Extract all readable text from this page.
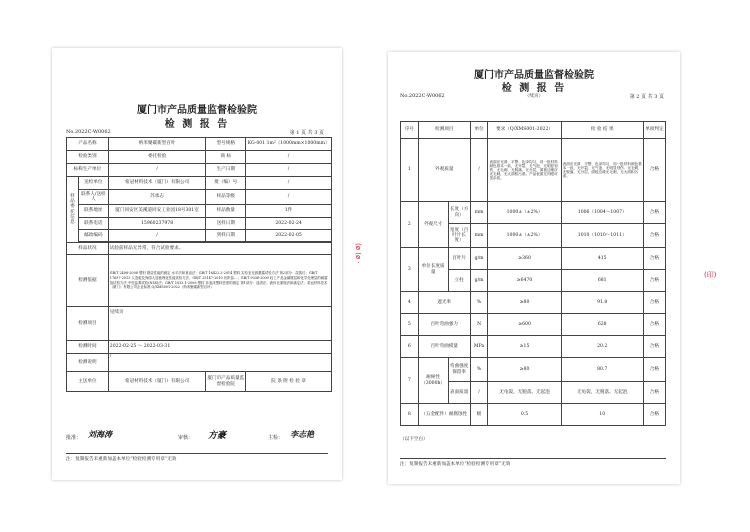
厦门市产品质量监督检验院
检 测 报 告
No.2022C-W0062	第 1 页 共 3 页
产品名称		纳米聚碳新型百叶	型号规格	KG-001 1m²（1000mm×1000mm）
检验类别		委托检验	商 标	/
标称生产单位		/	生产日期	/
样品委托信息	送检单位	希冠材料技术（厦门）有限公司	批（编）号	/
	联系人/送样人	苏承志	样品等级	/
	联系地址	厦门同安区美溪道同安工业园18号301室	样品数量	1件
	联系电话	15960237978	送样日期	2022-02-24
	邮政编码	/	到样日期	2022-02-05

样品状况		试验前样品无异常，符合试验要求。		
检测依据		GB/T 2408-2008 塑料 燃烧性能的测定 水平法和垂直法；GB/T 16422.2-2014 塑料 实验室光源暴露试验方法 第2部分：氙弧灯；GB/T 17657-2013 人造板及饰面人造板理化性能试验方法；GB/T 25147-2010 纺织品…；GB/T 9036-2009 轻工产品金属镀层和化学处理层的耐腐蚀试验方法 中性盐雾试验(NSS)法；GB/T 1033.1-2008 塑料 非泡沫塑料密度的测定 第1部分：浸渍法、液体比重瓶法和滴定法；希冠材料技术（厦门）有限公司企业标准 Q/XMS001-2022（纳米聚碳新型百叶）		
检测项目		见续页		
检测时间		2022-02-25 ～ 2022-03-31		
检测说明		/		
主送单位		希冠材料技术（厦门）有限公司	厦门市产品质量监督检验院	院 条 附 检 验 章
批准： 刘海涛	审核： 方豪	主检： 李志艳
注：复制报告未重新加盖本单位“检验检测专用章”无效
厦门市产品质量监督检验院
检 测 报 告
（续页）
No.2022C-W0062	第 2 页 共 3 页
序号	检测项目		单位	要求（Q/XMS001-2022）	检 验 结 果	单项判定
1	外观质量		/	表面应光滑、平整、色泽均匀，同一批材料颜色基本一致，无开裂、无气泡、无明显划伤、无毛刺、无脱落，无分层，面板边缘应无毛刺，无大面积污渍。产品表面无肉眼可见杂质。	表面应光滑、平整、色泽均匀，同一批材料颜色基本一致，无开裂、无气泡、无明显划伤、无毛刺、无脱落，无分层，面板边缘无毛刺，无大面积污渍。	合格
2	外观尺寸	长度（方向）	mm	1000±（±2%）	1006（1004～1007）	合格
		宽度（百叶片长度）	mm	1000±（±2%）	1010（1010～1011）	合格
3	单位长度质量	百叶片	g/m	≥360	415	合格
		立柱	g/m	≥6470	681	合格
4	遮光率		%	≥80	91.8	合格
5	百叶弯曲强力		N	≥600	628	合格
6	百叶弯曲模量		MPa	≥15	20.2	合格
7	耐候性（3000h）	弯曲强度保留率	%	≥80	80.7	合格
		表面质量	/	无龟裂、无脱落、无起泡	无龟裂、无脱落、无起泡	合格
8	（五金配件）耐腐蚀性		级	0.5	10	合格
（以下空白）
注：复制报告未重新加盖本单位“检验检测专用章”无效
(ø (ø ·
(印)
